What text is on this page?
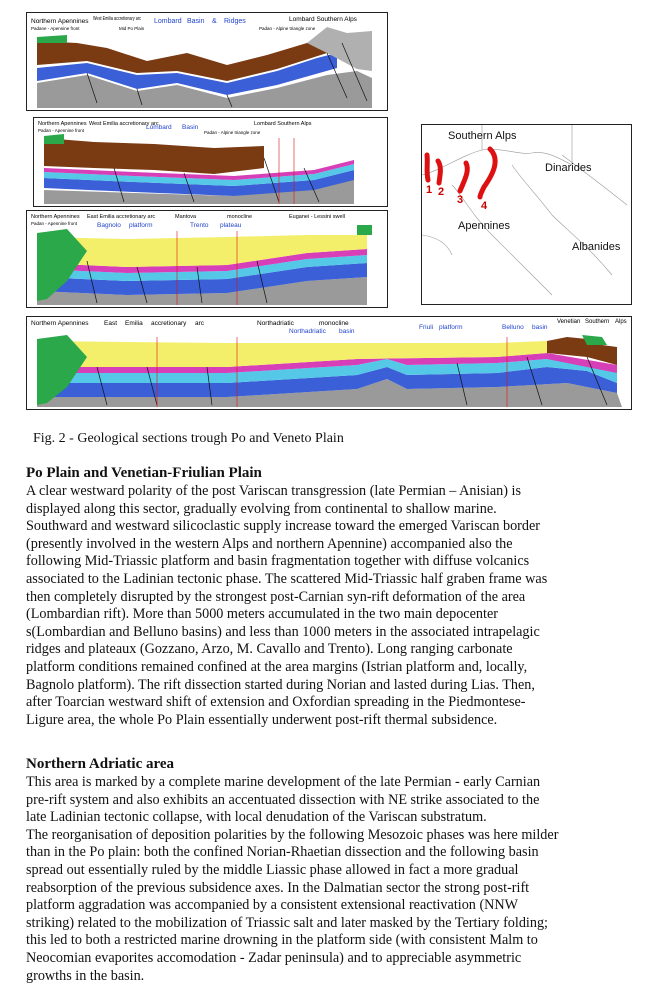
Northern Apennines West Emilia accretionary arc Lombard Basin & Ridges	Lombard Southern Alps
Padane - Apennine front	Mid Po Plain	Padan - Alpine triangle zone
Northern Apennines West Emilia accretionary arc
Lombard Basin	Lombard Southern Alps
Padan - Apennine front	Padan - Alpine triangle zone
Northern Apennines East Emilia accretionary arc	Mantova	monocline	Euganei - Lessini swell
Bagnolo platform	Trento plateau
Padan - Apennine front
Southern Alps
Dinarides
Apennines
Albanides
1 2
3 4
Northern Apennines East Emilia accretionary arc	Northadriatic	monocline
Northadriatic basin
Friuli platform	Belluno basin
Venetian Southern Alps
Fig. 2 - Geological sections trough Po and Veneto Plain
Po Plain and Venetian-Friulian Plain
A clear westward polarity of the post Variscan transgression (late Permian – Anisian) is
displayed along this sector, gradually evolving from continental to shallow marine.
Southward and westward silicoclastic supply increase toward the emerged Variscan border
(presently involved in the western Alps and northern Apennine) accompanied also the
following Mid-Triassic platform and basin fragmentation together with diffuse volcanics
associated to the Ladinian tectonic phase. The scattered Mid-Triassic half graben frame was
then completely disrupted by the strongest post-Carnian syn-rift deformation of the area
(Lombardian rift). More than 5000 meters accumulated in the two main depocenter
s(Lombardian and Belluno basins) and less than 1000 meters in the associated intrapelagic
ridges and plateaux (Gozzano, Arzo, M. Cavallo and Trento). Long ranging carbonate
platform conditions remained confined at the area margins (Istrian platform and, locally,
Bagnolo platform). The rift dissection started during Norian and lasted during Lias. Then,
after Toarcian westward shift of extension and Oxfordian spreading in the Piedmontese-
Ligure area, the whole Po Plain essentially underwent post-rift thermal subsidence.
Northern Adriatic area
This area is marked by a complete marine development of the late Permian - early Carnian
pre-rift system and also exhibits an accentuated dissection with NE strike associated to the
late Ladinian tectonic collapse, with local denudation of the Variscan substratum.
The reorganisation of deposition polarities by the following Mesozoic phases was here milder
than in the Po plain: both the confined Norian-Rhaetian dissection and the following basin
spread out essentially ruled by the middle Liassic phase allowed in fact a more gradual
reabsorption of the previous subsidence axes. In the Dalmatian sector the strong post-rift
platform aggradation was accompanied by a consistent extensional reactivation (NNW
striking) related to the mobilization of Triassic salt and later masked by the Tertiary folding;
this led to both a restricted marine drowning in the platform side (with consistent Malm to
Neocomian evaporites accomodation - Zadar peninsula) and to appreciable asymmetric
growths in the basin.
